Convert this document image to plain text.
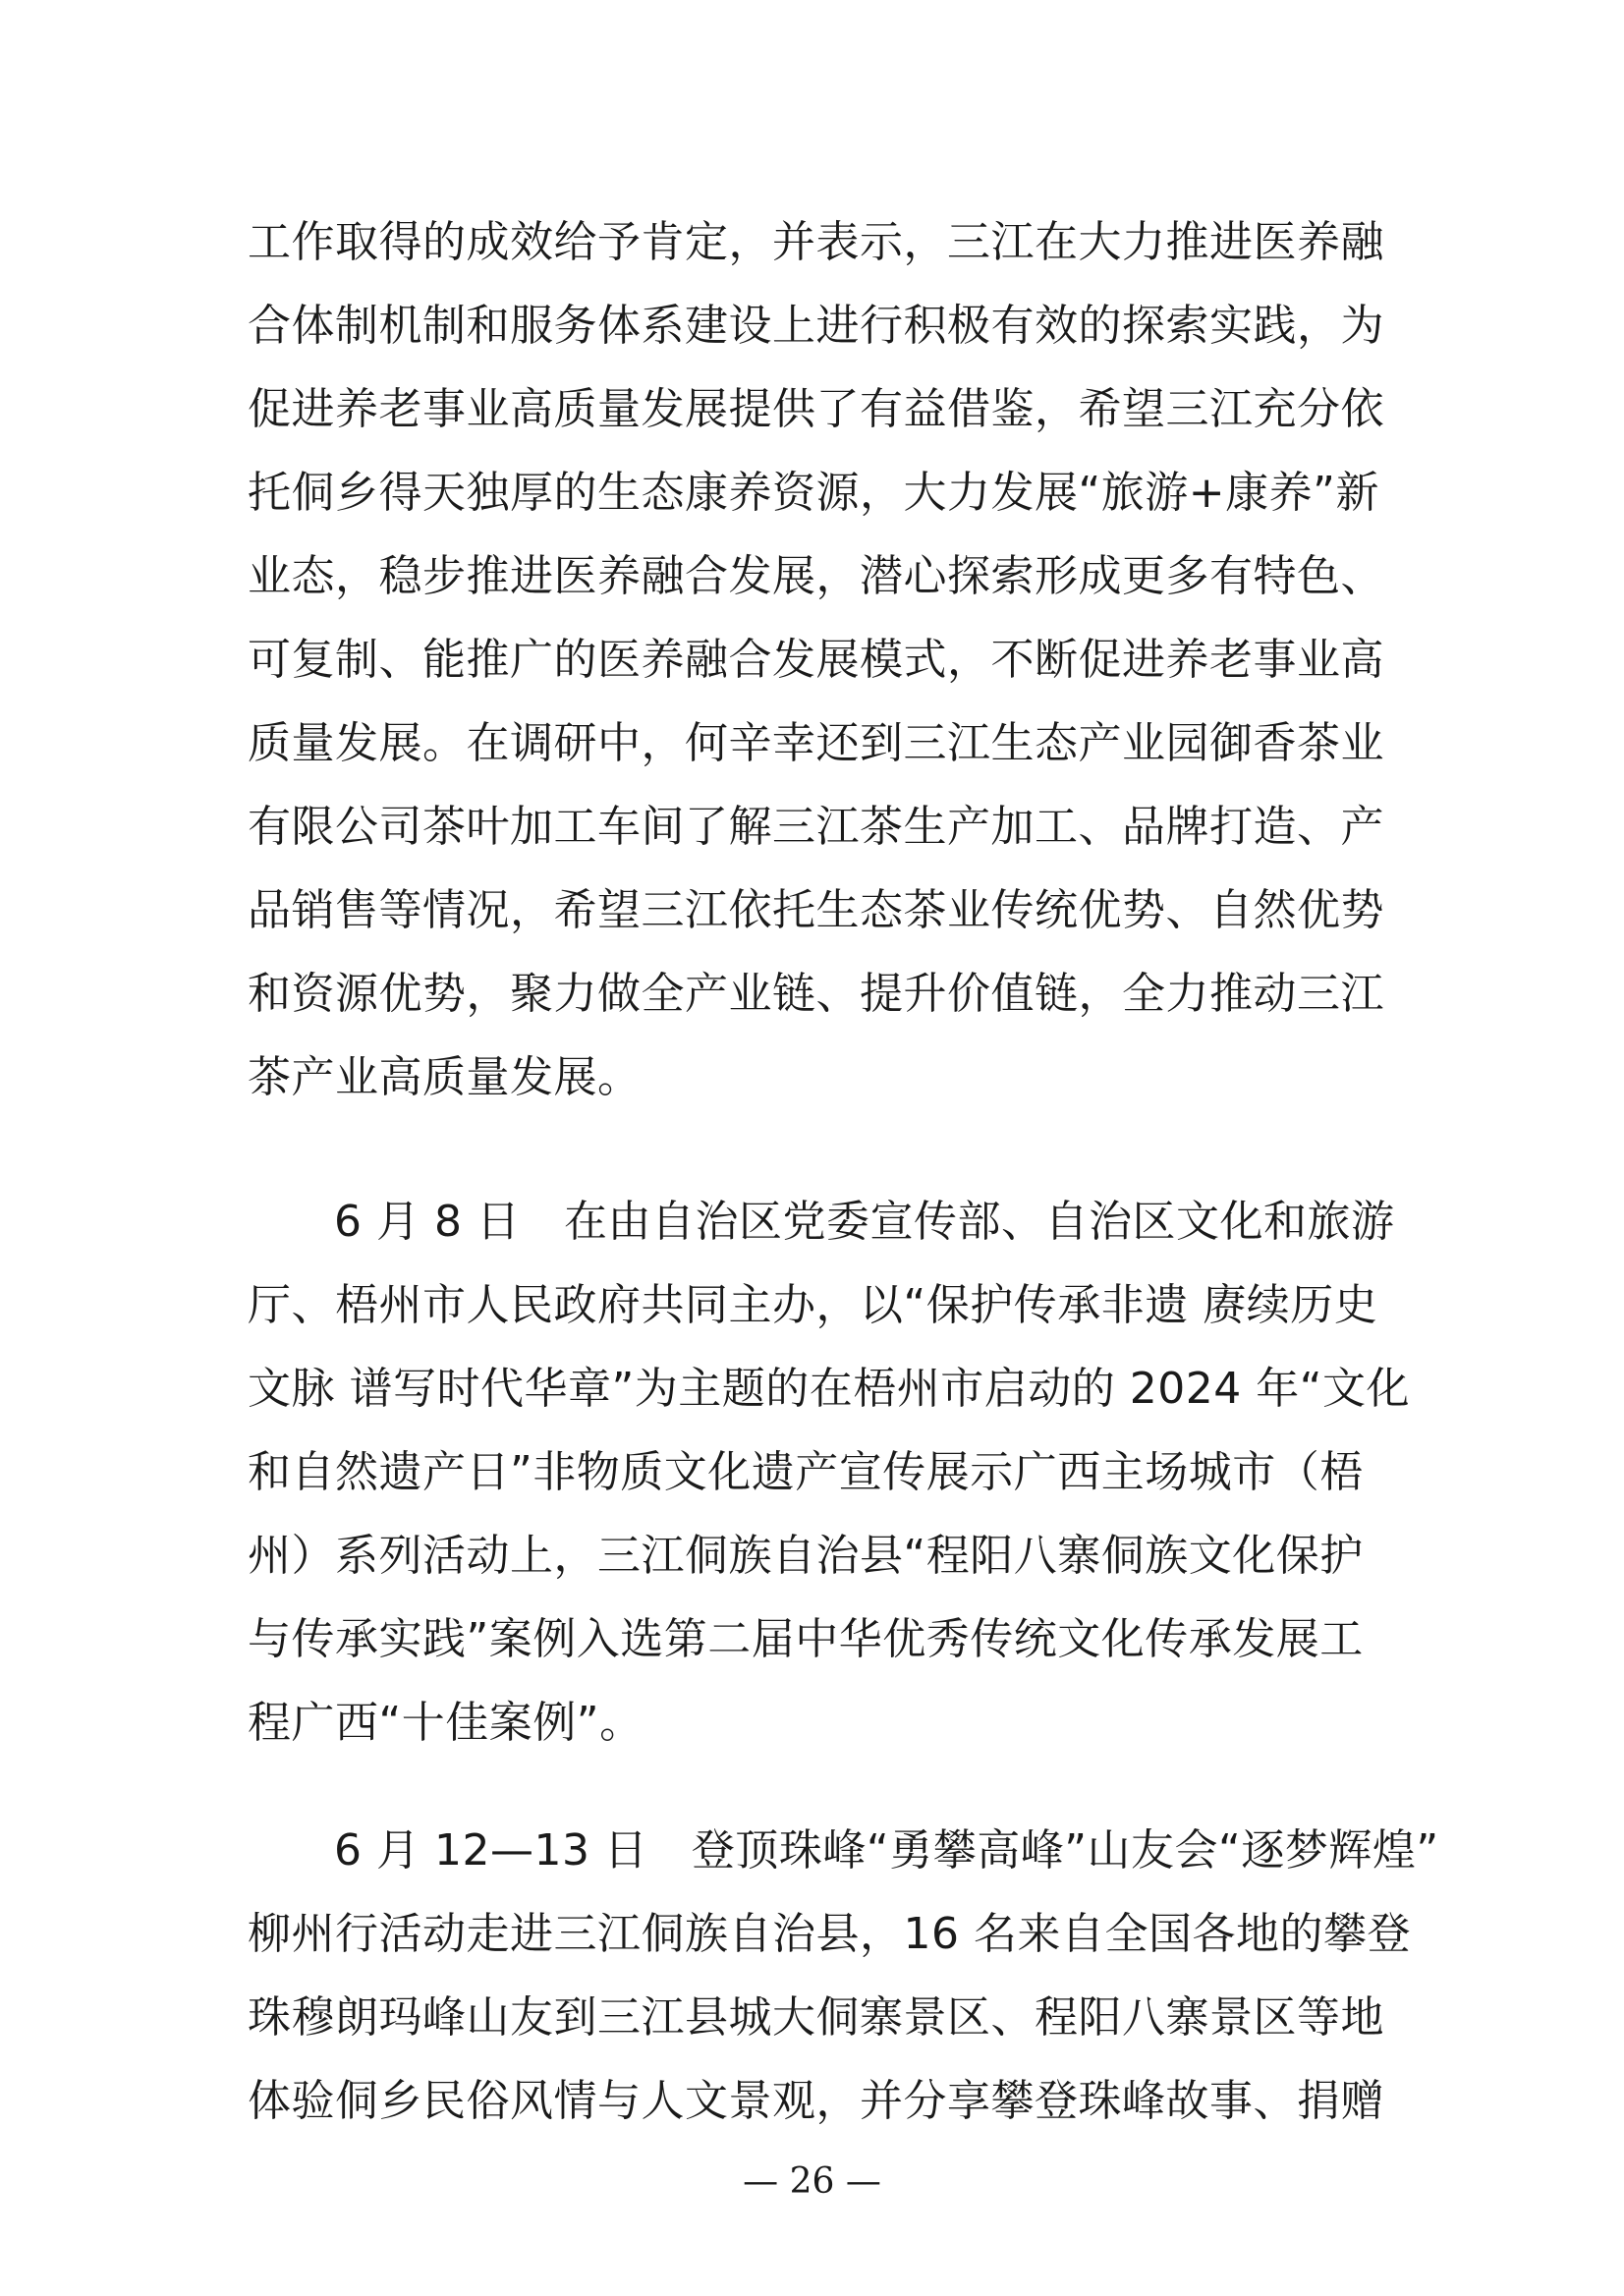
工作取得的成效给予肯定，并表示，三江在大力推进医养融
合体制机制和服务体系建设上进行积极有效的探索实践，为
促进养老事业高质量发展提供了有益借鉴，希望三江充分依
托侗乡得天独厚的生态康养资源，大力发展“旅游+康养”新
业态，稳步推进医养融合发展，潜心探索形成更多有特色、
可复制、能推广的医养融合发展模式，不断促进养老事业高
质量发展。在调研中，何辛幸还到三江生态产业园御香茶业
有限公司茶叶加工车间了解三江茶生产加工、品牌打造、产
品销售等情况，希望三江依托生态茶业传统优势、自然优势
和资源优势，聚力做全产业链、提升价值链，全力推动三江
茶产业高质量发展。
6 月 8 日　在由自治区党委宣传部、自治区文化和旅游
厅、梧州市人民政府共同主办，以“保护传承非遗 赓续历史
文脉 谱写时代华章”为主题的在梧州市启动的 2024 年“文化
和自然遗产日”非物质文化遗产宣传展示广西主场城市（梧
州）系列活动上，三江侗族自治县“程阳八寨侗族文化保护
与传承实践”案例入选第二届中华优秀传统文化传承发展工
程广西“十佳案例”。
6 月 12—13 日　登顶珠峰“勇攀高峰”山友会“逐梦辉煌”
柳州行活动走进三江侗族自治县，16 名来自全国各地的攀登
珠穆朗玛峰山友到三江县城大侗寨景区、程阳八寨景区等地
体验侗乡民俗风情与人文景观，并分享攀登珠峰故事、捐赠
— 26 —
